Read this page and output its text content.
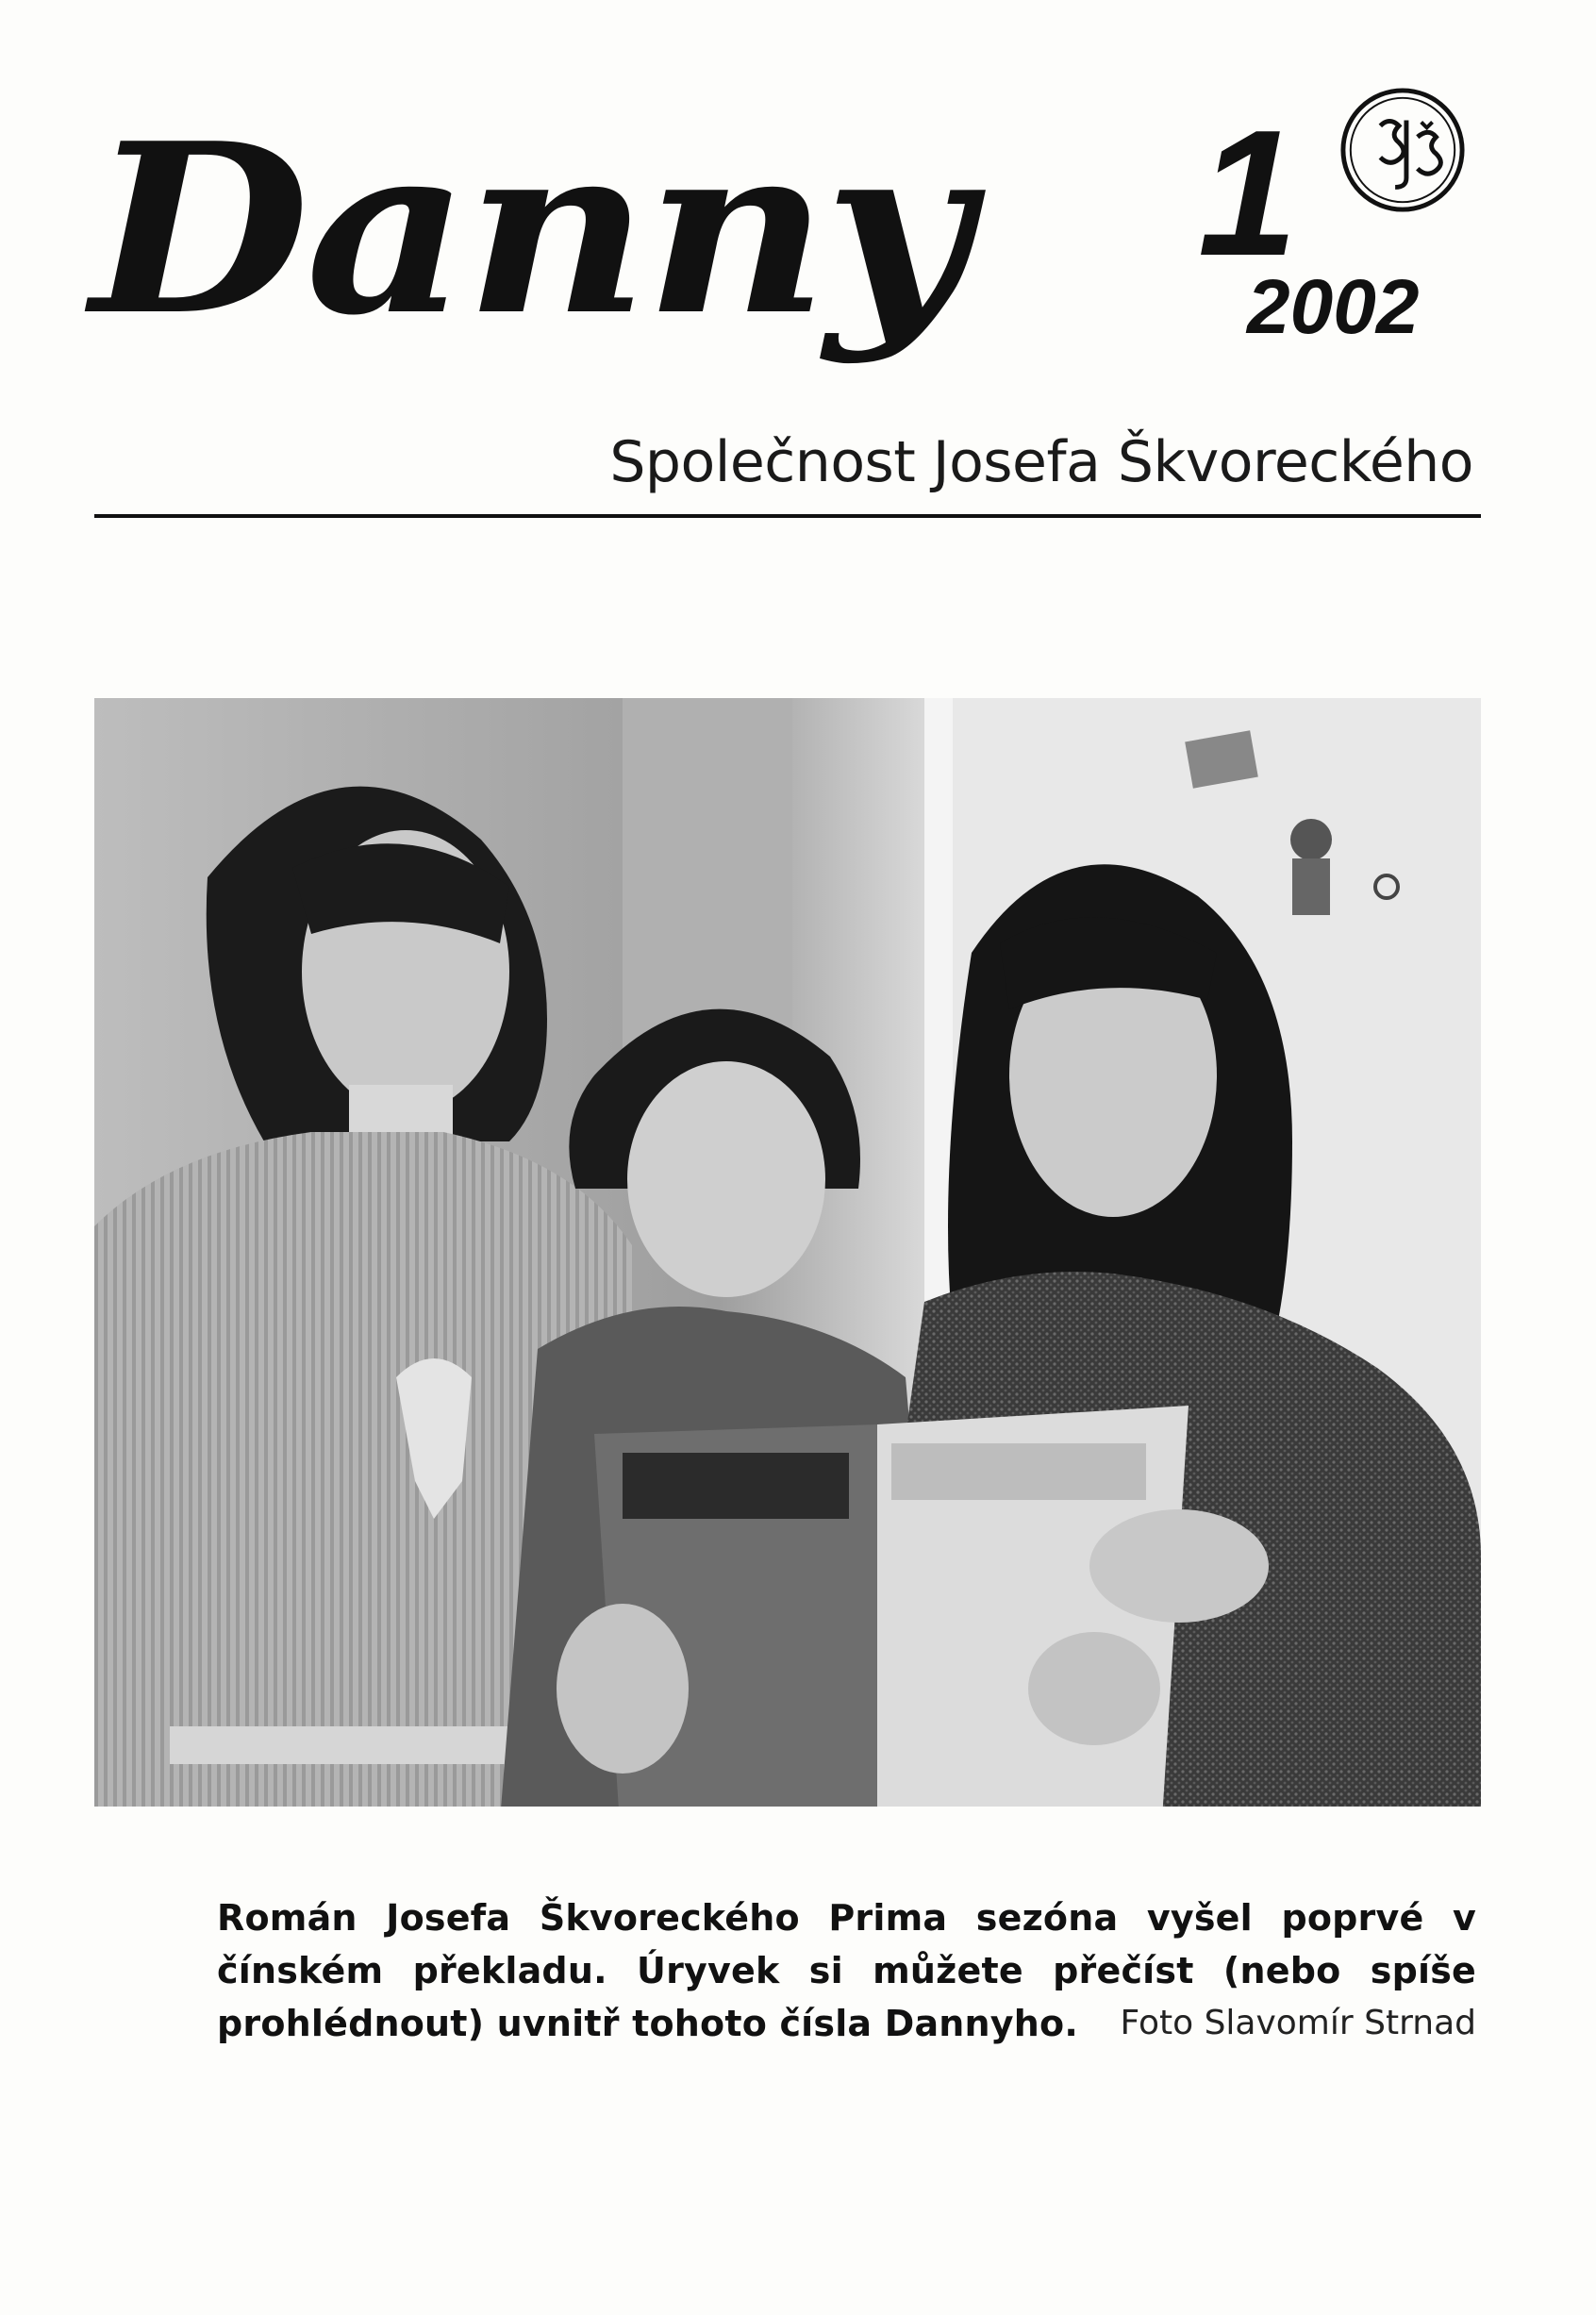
Danny 1
2002
Společnost Josefa Škvoreckého
Román Josefa Škvoreckého Prima sezóna vyšel poprvé v čínském překladu. Úryvek si můžete přečíst (nebo spíše prohlédnout) uvnitř tohoto čísla Dannyho.	Foto Slavomír Strnad
